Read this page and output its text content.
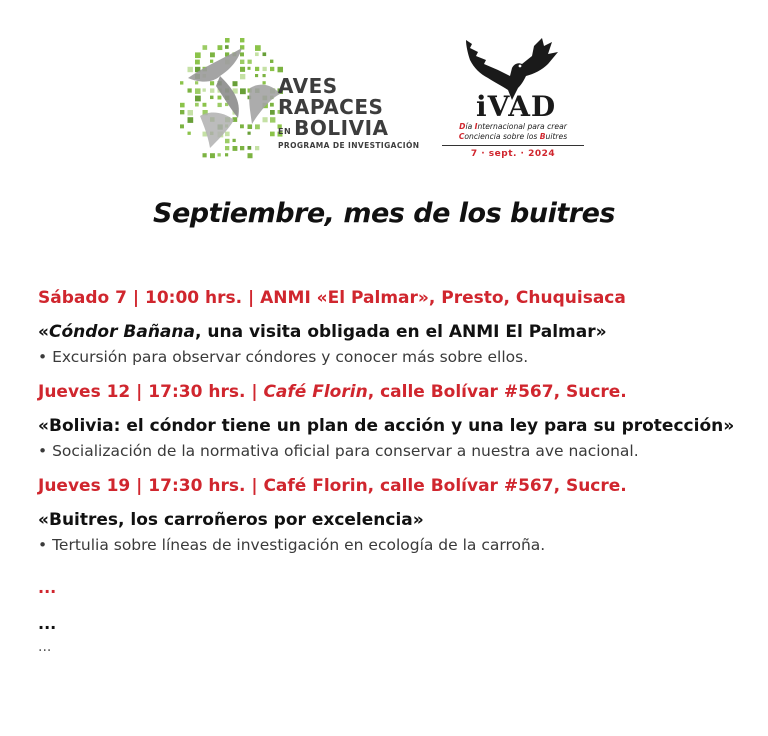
AVES
RAPACES
EN BOLIVIA
PROGRAMA DE INVESTIGACIÓN
iVAD
Día Internacional para crear
Conciencia sobre los Buitres
7 · sept. · 2024
Septiembre, mes de los buitres

Sábado 7 | 10:00 hrs. | ANMI «El Palmar», Presto, Chuquisaca

«Cóndor Bañana, una visita obligada en el ANMI El Palmar»

• Excursión para observar cóndores y conocer más sobre ellos.

Jueves 12 | 17:30 hrs. | Café Florin, calle Bolívar #567, Sucre.

«Bolivia: el cóndor tiene un plan de acción y una ley para su protección»

• Socialización de la normativa oficial para conservar a nuestra ave nacional.

Jueves 19 | 17:30 hrs. | Café Florin, calle Bolívar #567, Sucre.

«Buitres, los carroñeros por excelencia»

• Tertulia sobre líneas de investigación en ecología de la carroña.

...
...
...
